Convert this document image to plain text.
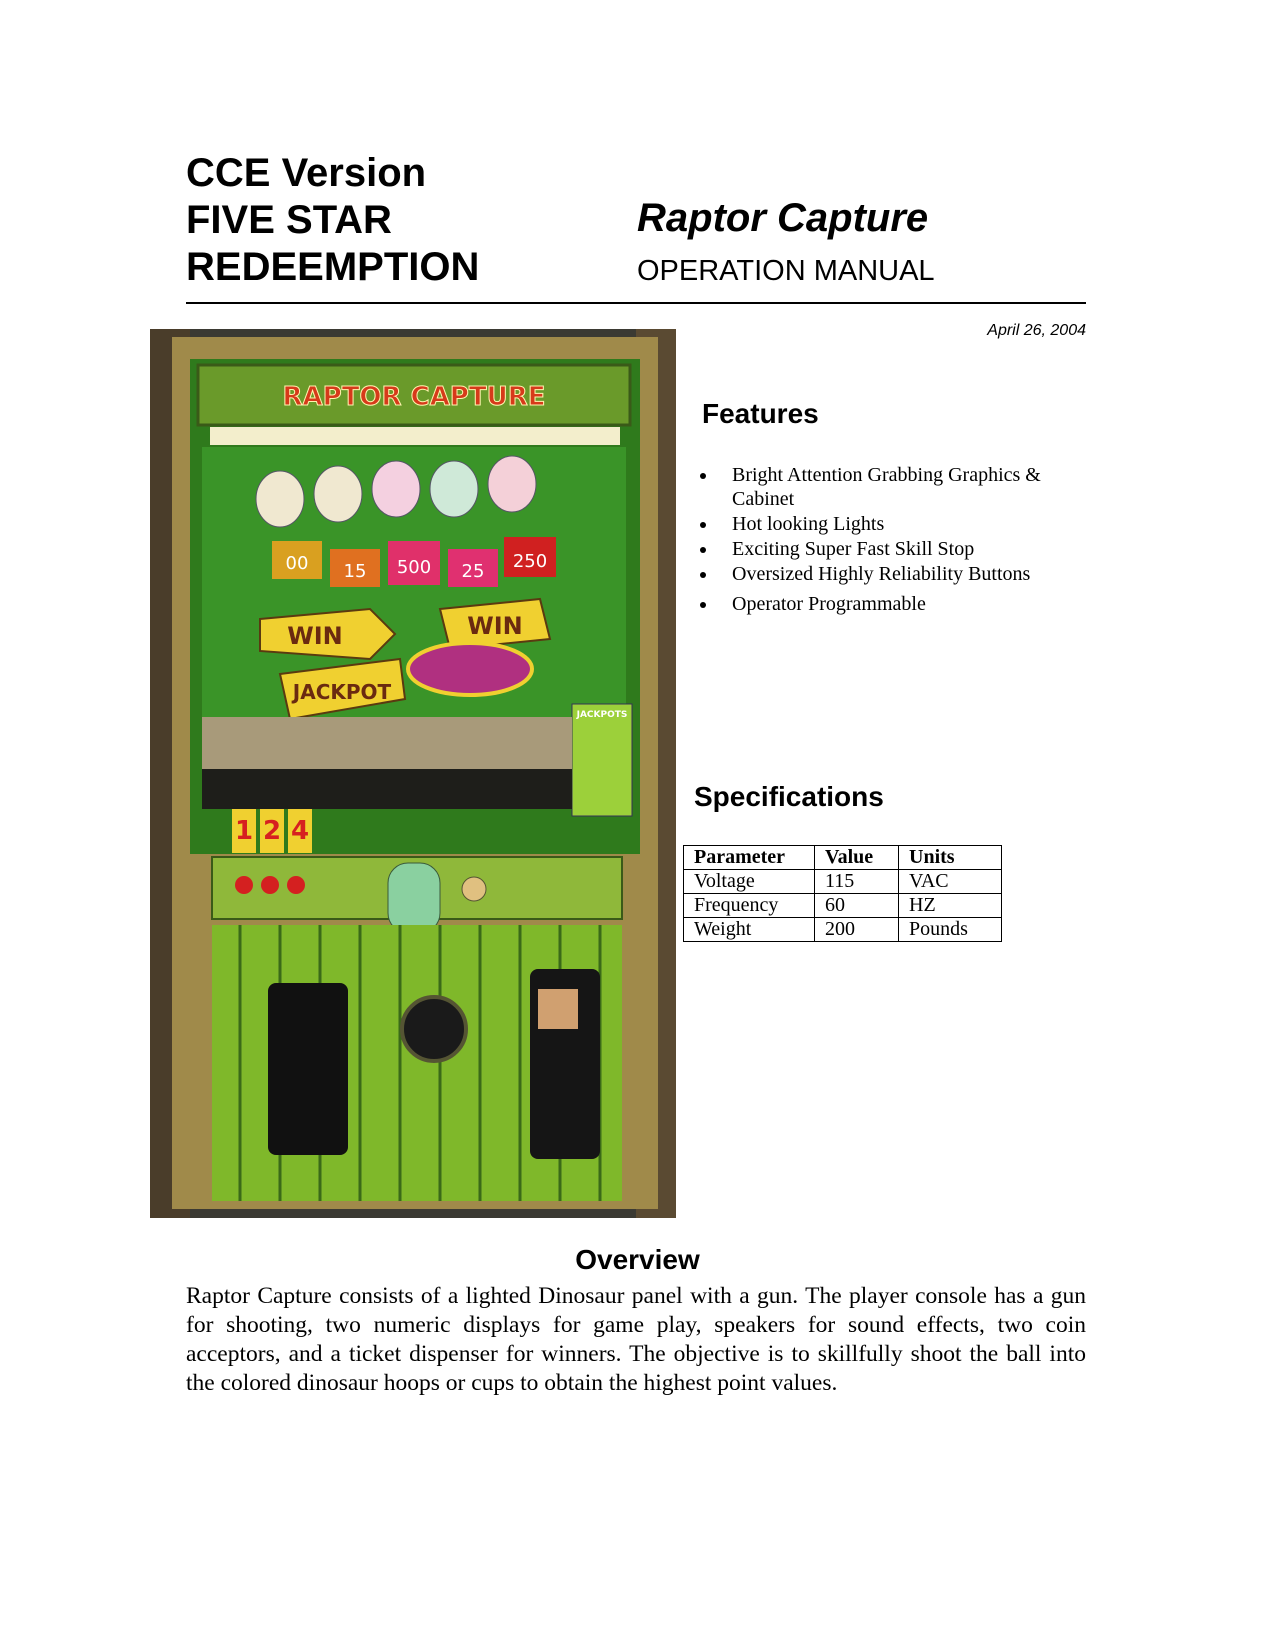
CCE Version
FIVE STAR
REDEEMPTION
Raptor Capture
OPERATION MANUAL
April 26, 2004
RAPTOR CAPTURE
00 15 500 25 250
WIN	WIN
JACKPOT
JACKPOTS
1 2 4
Features
Bright Attention Grabbing Graphics & Cabinet
Hot looking Lights
Exciting Super Fast Skill Stop
Oversized Highly Reliability Buttons
Operator Programmable
Specifications
Parameter	Value	Units
Voltage	115	VAC
Frequency	60	HZ
Weight	200	Pounds
Overview

Raptor Capture consists of a lighted Dinosaur panel with a gun. The player console has a gun for shooting, two numeric displays for game play, speakers for sound effects, two coin acceptors, and a ticket dispenser for winners. The objective is to skillfully shoot the ball into the colored dinosaur hoops or cups to obtain the highest point values.
